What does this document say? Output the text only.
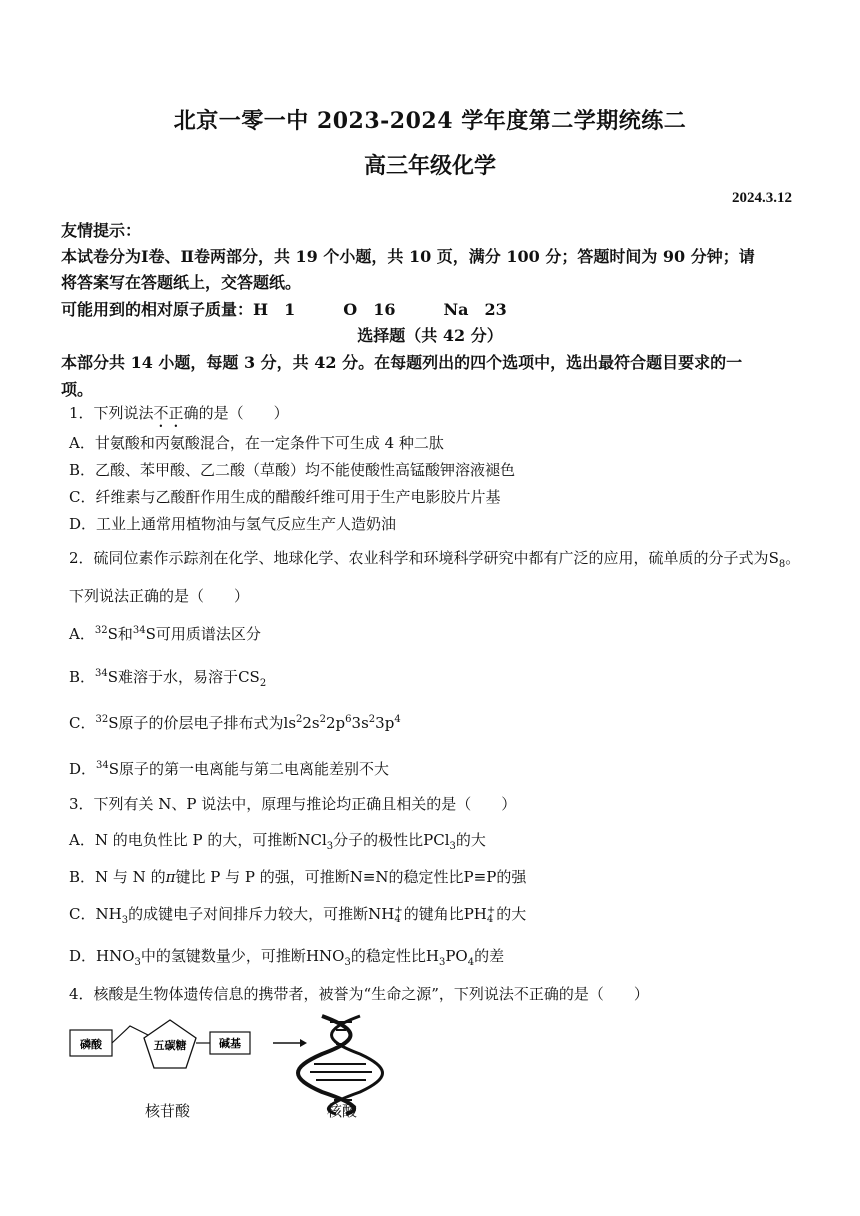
北京一零一中 2023-2024 学年度第二学期统练二
高三年级化学
2024.3.12
友情提示：
本试卷分为Ⅰ卷、Ⅱ卷两部分，共 19 个小题，共 10 页，满分 100 分；答题时间为 90 分钟；请
将答案写在答题纸上，交答题纸。
可能用到的相对原子质量：H　1　　　O　16　　　Na　23
选择题（共 42 分）
本部分共 14 小题，每题 3 分，共 42 分。在每题列出的四个选项中，选出最符合题目要求的一
项。
1．下列说法不正确的是（　　）
A．甘氨酸和丙氨酸混合，在一定条件下可生成 4 种二肽
B．乙酸、苯甲酸、乙二酸（草酸）均不能使酸性高锰酸钾溶液褪色
C．纤维素与乙酸酐作用生成的醋酸纤维可用于生产电影胶片片基
D．工业上通常用植物油与氢气反应生产人造奶油
2．硫同位素作示踪剂在化学、地球化学、农业科学和环境科学研究中都有广泛的应用，硫单质的分子式为$S_8$。
下列说法正确的是（　　）
A．$^{32}$S和$^{34}$S可用质谱法区分
B．$^{34}$S难溶于水，易溶于$CS_2$
C．$^{32}$S原子的价层电子排布式为$ls^22s^22p^63s^23p^4$
D．$^{34}$S原子的第一电离能与第二电离能差别不大
3．下列有关 N、P 说法中，原理与推论均正确且相关的是（　　）
A．N 的电负性比 P 的大，可推断NCl$_3$分子的极性比PCl$_3$的大
B．N 与 N 的π键比 P 与 P 的强，可推断N≡N的稳定性比P≡P的强
C．$NH_3$的成键电子对间排斥力较大，可推断NH +
4 的键角比PH +
4 的大
D．$HNO_3$中的氢键数量少，可推断$HNO_3$的稳定性比$H_3PO_4$的差
4．核酸是生物体遗传信息的携带者，被誉为“生命之源”，下列说法不正确的是（　　）
磷酸	五碳糖	碱基
核苷酸	核酸
